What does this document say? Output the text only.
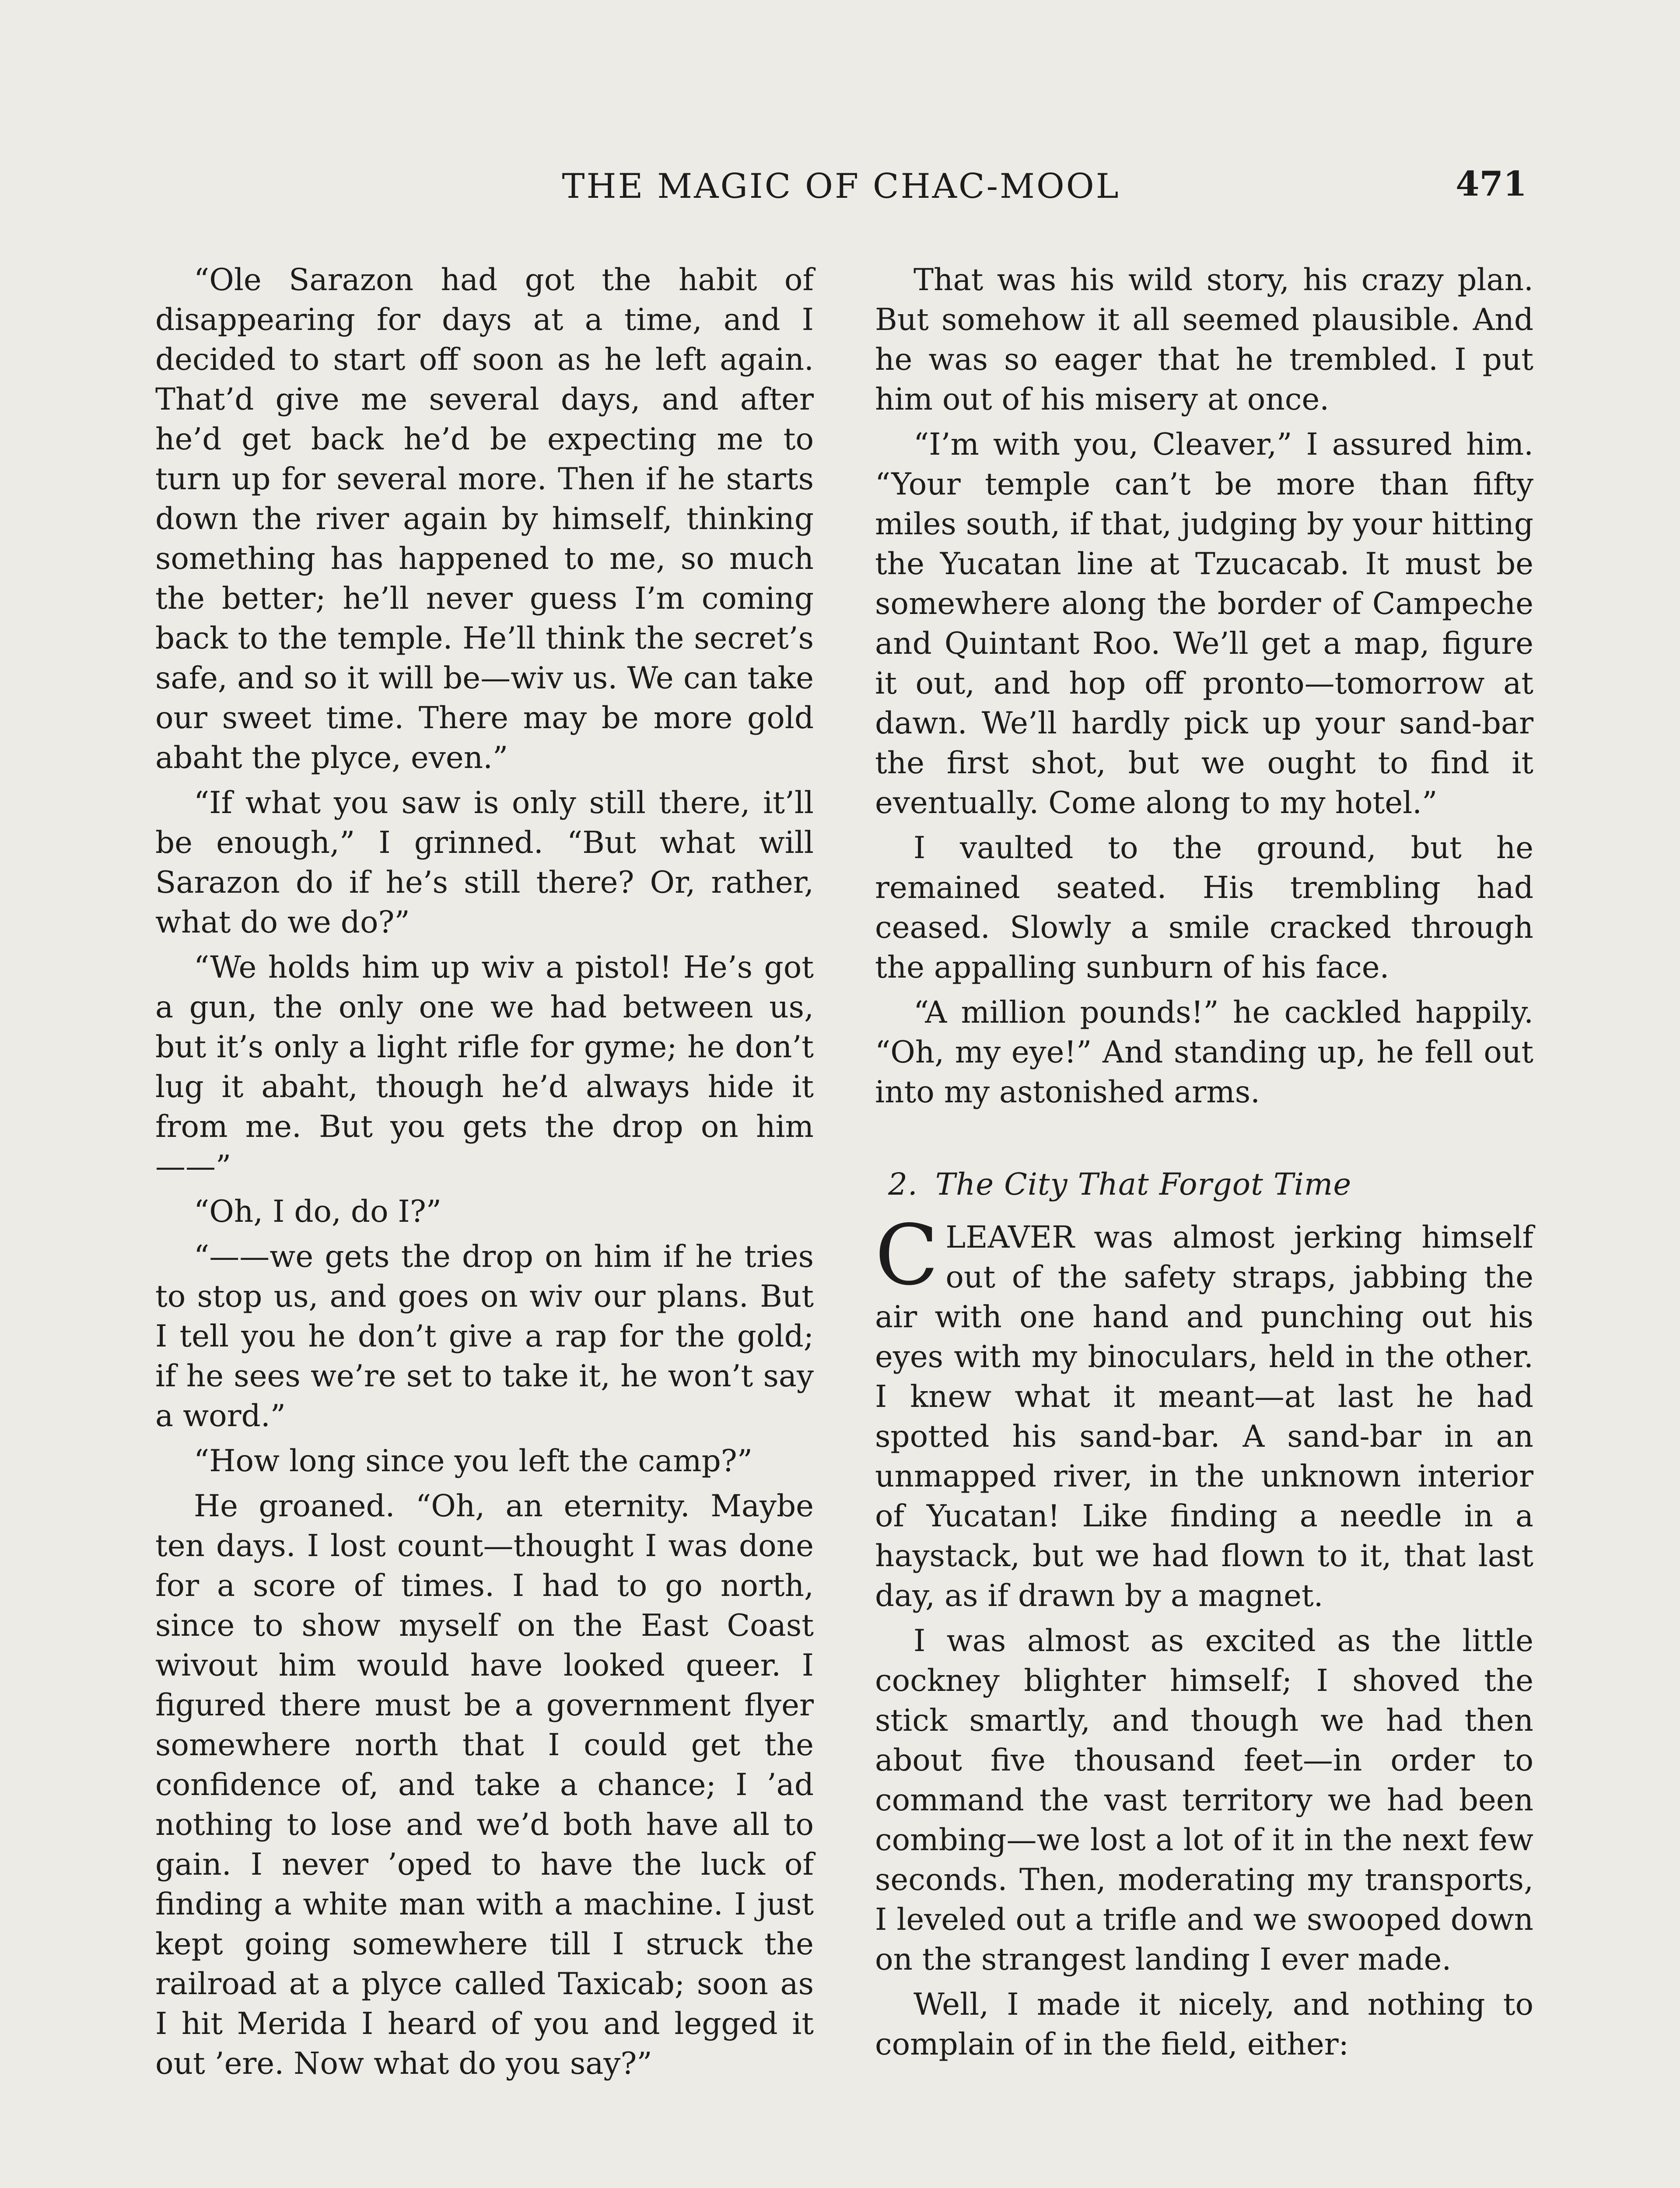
THE MAGIC OF CHAC-MOOL	471

“Ole Sarazon had got the habit of disappearing for days at a time, and I decided to start off soon as he left again. That’d give me several days, and after he’d get back he’d be expecting me to turn up for several more. Then if he starts down the river again by himself, thinking something has happened to me, so much the better; he’ll never guess I’m coming back to the temple. He’ll think the secret’s safe, and so it will be—wiv us. We can take our sweet time. There may be more gold abaht the plyce, even.”

“If what you saw is only still there, it’ll be enough,” I grinned. “But what will Sarazon do if he’s still there? Or, rather, what do we do?”

“We holds him up wiv a pistol! He’s got a gun, the only one we had between us, but it’s only a light rifle for gyme; he don’t lug it abaht, though he’d always hide it from me. But you gets the drop on him——”

“Oh, I do, do I?”

“——we gets the drop on him if he tries to stop us, and goes on wiv our plans. But I tell you he don’t give a rap for the gold; if he sees we’re set to take it, he won’t say a word.”

“How long since you left the camp?”

He groaned. “Oh, an eternity. Maybe ten days. I lost count—thought I was done for a score of times. I had to go north, since to show myself on the East Coast wivout him would have looked queer. I figured there must be a government flyer somewhere north that I could get the confidence of, and take a chance; I ’ad nothing to lose and we’d both have all to gain. I never ’oped to have the luck of finding a white man with a machine. I just kept going somewhere till I struck the railroad at a plyce called Taxicab; soon as I hit Merida I heard of you and legged it out ’ere. Now what do you say?”

That was his wild story, his crazy plan. But somehow it all seemed plausible. And he was so eager that he trembled. I put him out of his misery at once.

“I’m with you, Cleaver,” I assured him. “Your temple can’t be more than fifty miles south, if that, judging by your hitting the Yucatan line at Tzucacab. It must be somewhere along the border of Campeche and Quintant Roo. We’ll get a map, figure it out, and hop off pronto—tomorrow at dawn. We’ll hardly pick up your sand-bar the first shot, but we ought to find it eventually. Come along to my hotel.”

I vaulted to the ground, but he remained seated. His trembling had ceased. Slowly a smile cracked through the appalling sunburn of his face.

“A million pounds!” he cackled happily. “Oh, my eye!” And standing up, he fell out into my astonished arms.

2. The City That Forgot Time

CLEAVER was almost jerking himself out of the safety straps, jabbing the air with one hand and punching out his eyes with my binoculars, held in the other. I knew what it meant—at last he had spotted his sand-bar. A sand-bar in an unmapped river, in the unknown interior of Yucatan! Like finding a needle in a haystack, but we had flown to it, that last day, as if drawn by a magnet.

I was almost as excited as the little cockney blighter himself; I shoved the stick smartly, and though we had then about five thousand feet—in order to command the vast territory we had been combing—we lost a lot of it in the next few seconds. Then, moderating my transports, I leveled out a trifle and we swooped down on the strangest landing I ever made.

Well, I made it nicely, and nothing to complain of in the field, either:
